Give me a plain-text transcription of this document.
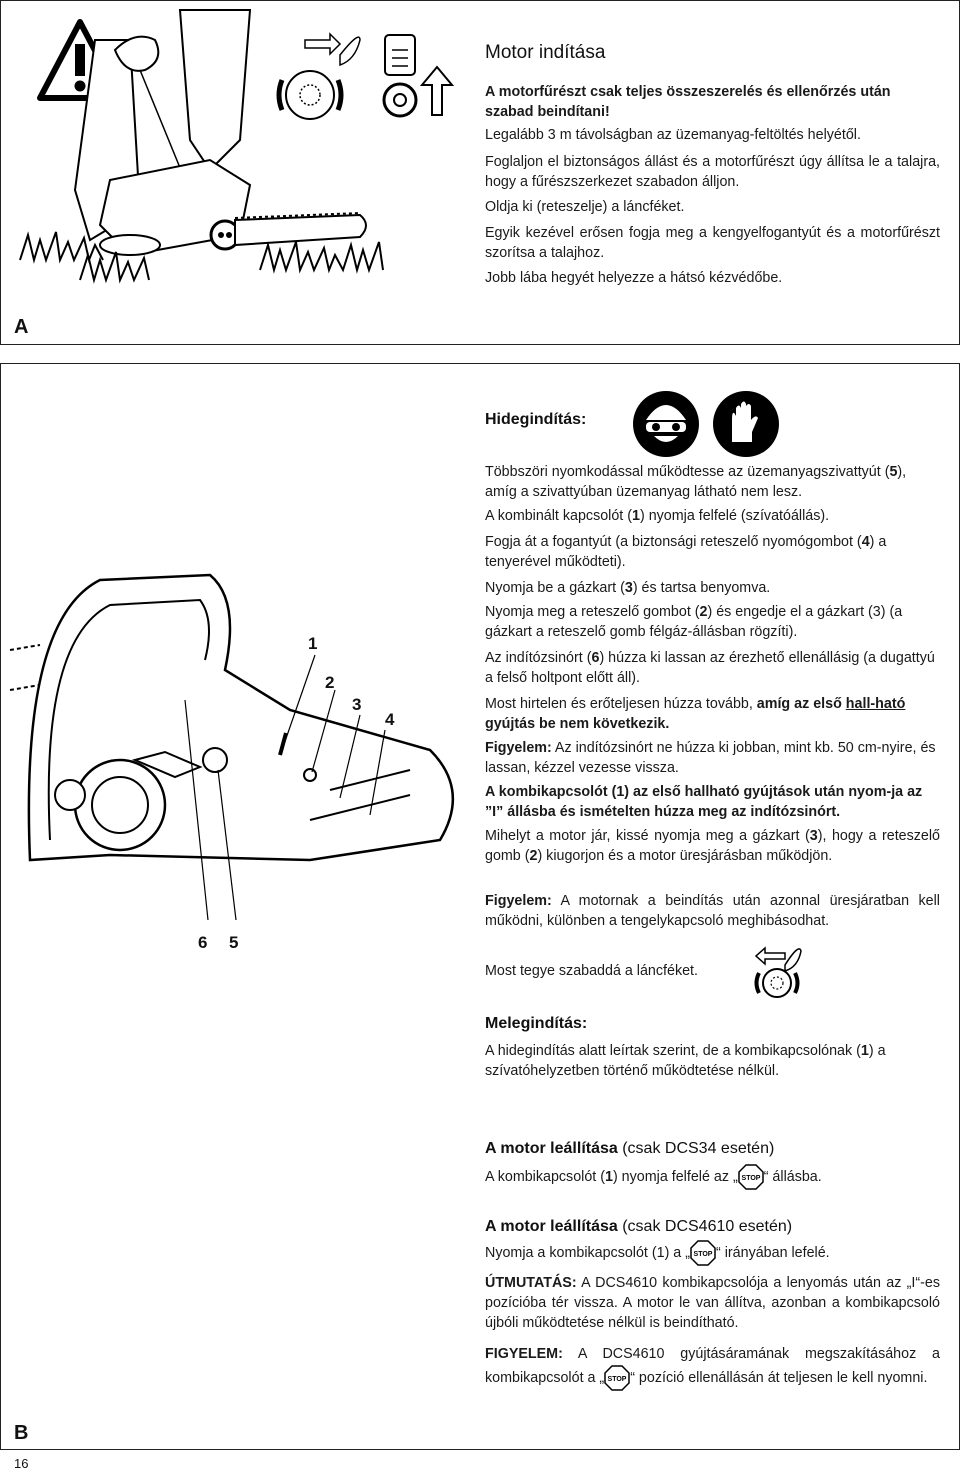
A
B
16
Motor indítása
A motorfűrészt csak teljes összeszerelés és ellenőrzés után szabad beindítani!
Legalább 3 m távolságban az üzemanyag-feltöltés helyétől.
Foglaljon el biztonságos állást és a motorfűrészt úgy állítsa le a talajra, hogy a fűrészszerkezet szabadon álljon.
Oldja ki (reteszelje) a láncféket.
Egyik kezével erősen fogja meg a kengyelfogantyút és a motorfűrészt szorítsa a talajhoz.
Jobb lába hegyét helyezze a hátsó kézvédőbe.
Hidegindítás:
1
2
3
4
6 5
Többszöri nyomkodással működtesse az üzemanyagszivattyút (5), amíg a szivattyúban üzemanyag látható nem lesz.
A kombinált kapcsolót (1) nyomja felfelé (szívatóállás).
Fogja át a fogantyút (a biztonsági reteszelő nyomógombot (4) a tenyerével működteti).
Nyomja be a gázkart (3) és tartsa benyomva.
Nyomja meg a reteszelő gombot (2) és engedje el a gázkart (3) (a gázkart a reteszelő gomb félgáz-állásban rögzíti).
Az indítózsinórt (6) húzza ki lassan az érezhető ellenállásig (a dugattyú a felső holtpont előtt áll).
Most hirtelen és erőteljesen húzza tovább, amíg az első hall-ható gyújtás be nem következik.
Figyelem: Az indítózsinórt ne húzza ki jobban, mint kb. 50 cm-nyire, és lassan, kézzel vezesse vissza.
A kombikapcsolót (1) az első hallható gyújtások után nyom-ja az ”I” állásba és ismételten húzza meg az indítózsinórt.
Mihelyt a motor jár, kissé nyomja meg a gázkart (3), hogy a reteszelő gomb (2) kiugorjon és a motor üresjárásban működjön.
Figyelem: A motornak a beindítás után azonnal üresjáratban kell működni, különben a tengelykapcsoló meghibásodhat.
Most tegye szabaddá a láncféket.
Melegindítás:
A hidegindítás alatt leírtak szerint, de a kombikapcsolónak (1) a szívatóhelyzetben történő működtetése nélkül.
A motor leállítása (csak DCS34 esetén)
A kombikapcsolót (1) nyomja felfelé az „ STOP “ állásba.
A motor leállítása (csak DCS4610 esetén)
Nyomja a kombikapcsolót (1) a „ STOP “ irányában lefelé.
ÚTMUTATÁS: A DCS4610 kombikapcsolója a lenyomás után az „I“-es pozícióba tér vissza. A motor le van állítva, azonban a kombikapcsoló újbóli működtetése nélkül is beindítható.
FIGYELEM: A DCS4610 gyújtásáramának megszakításához a kombikapcsolót a „ STOP “ pozíció ellenállásán át teljesen le kell nyomni.
